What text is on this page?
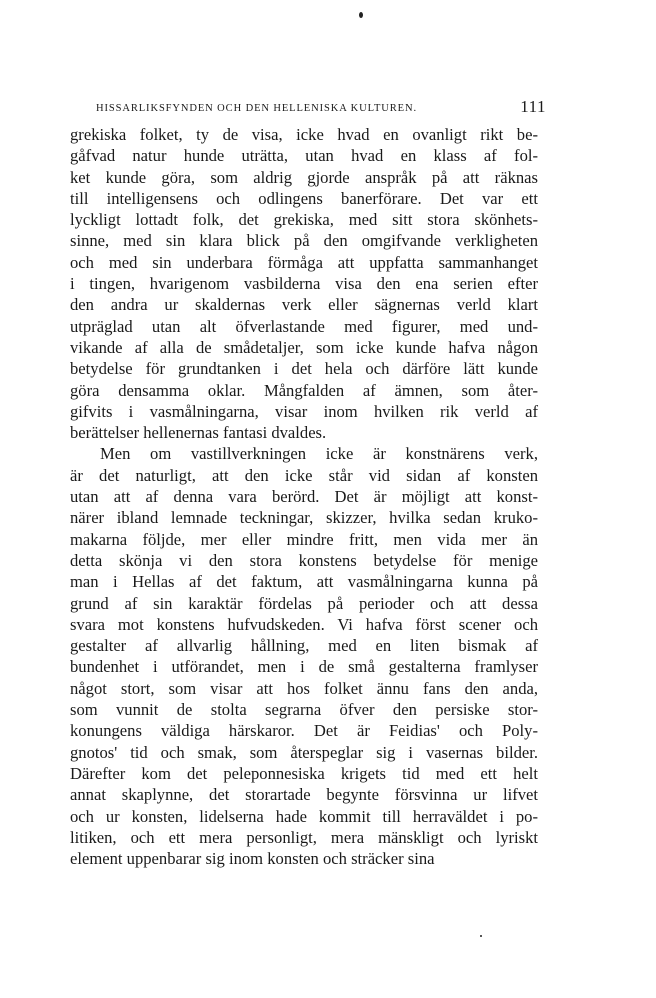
HISSARLIKSFYNDEN OCH DEN HELLENISKA KULTUREN.	111
grekiska folket, ty de visa, icke hvad en ovanligt rikt be-
gåfvad natur hunde uträtta, utan hvad en klass af fol-
ket kunde göra, som aldrig gjorde anspråk på att räknas
till intelligensens och odlingens banerförare. Det var ett
lyckligt lottadt folk, det grekiska, med sitt stora skönhets-
sinne, med sin klara blick på den omgifvande verkligheten
och med sin underbara förmåga att uppfatta sammanhanget
i tingen, hvarigenom vasbilderna visa den ena serien efter
den andra ur skaldernas verk eller sägnernas verld klart
utpräglad utan alt öfverlastande med figurer, med und-
vikande af alla de smådetaljer, som icke kunde hafva någon
betydelse för grundtanken i det hela och därföre lätt kunde
göra densamma oklar. Mångfalden af ämnen, som åter-
gifvits i vasmålningarna, visar inom hvilken rik verld af
berättelser hellenernas fantasi dvaldes.
Men om vastillverkningen icke är konstnärens verk,
är det naturligt, att den icke står vid sidan af konsten
utan att af denna vara berörd. Det är möjligt att konst-
närer ibland lemnade teckningar, skizzer, hvilka sedan kruko-
makarna följde, mer eller mindre fritt, men vida mer än
detta skönja vi den stora konstens betydelse för menige
man i Hellas af det faktum, att vasmålningarna kunna på
grund af sin karaktär fördelas på perioder och att dessa
svara mot konstens hufvudskeden. Vi hafva först scener och
gestalter af allvarlig hållning, med en liten bismak af
bundenhet i utförandet, men i de små gestalterna framlyser
något stort, som visar att hos folket ännu fans den anda,
som vunnit de stolta segrarna öfver den persiske stor-
konungens väldiga härskaror. Det är Feidias' och Poly-
gnotos' tid och smak, som återspeglar sig i vasernas bilder.
Därefter kom det peleponnesiska krigets tid med ett helt
annat skaplynne, det storartade begynte försvinna ur lifvet
och ur konsten, lidelserna hade kommit till herraväldet i po-
litiken, och ett mera personligt, mera mänskligt och lyriskt
element uppenbarar sig inom konsten och sträcker sina
